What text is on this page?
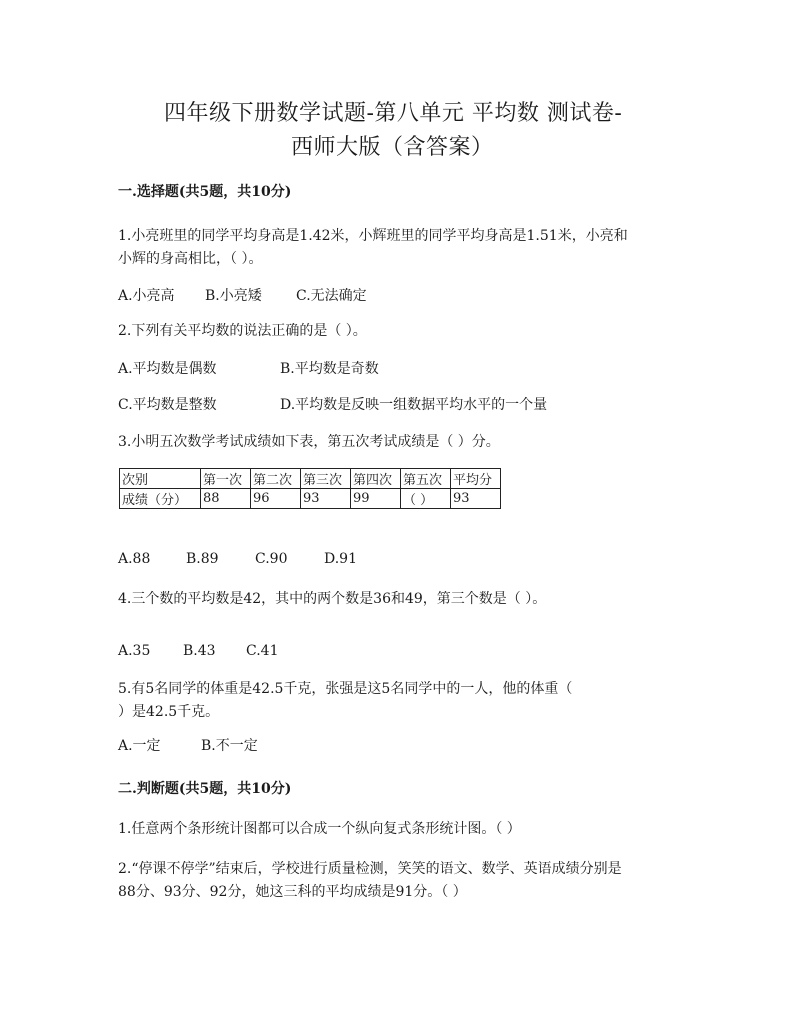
四年级下册数学试题-第八单元 平均数 测试卷-
西师大版（含答案）
一.选择题(共5题，共10分)
1.小亮班里的同学平均身高是1.42米，小辉班里的同学平均身高是1.51米，小亮和
小辉的身高相比，（ ）。
A.小亮高 B.小亮矮 C.无法确定
2.下列有关平均数的说法正确的是（ ）。
A.平均数是偶数	B.平均数是奇数
C.平均数是整数	D.平均数是反映一组数据平均水平的一个量
3.小明五次数学考试成绩如下表，第五次考试成绩是（ ）分。
次别	第一次	第二次	第三次	第四次	第五次	平均分
成绩（分）	88	96	93	99	（ ）	93
A.88	B.89	C.90	D.91
4.三个数的平均数是42，其中的两个数是36和49，第三个数是（ ）。
A.35 B.43 C.41
5.有5名同学的体重是42.5千克，张强是这5名同学中的一人，他的体重（
）是42.5千克。
A.一定	B.不一定
二.判断题(共5题，共10分)
1.任意两个条形统计图都可以合成一个纵向复式条形统计图。（ ）
2.“停课不停学”结束后，学校进行质量检测，笑笑的语文、数学、英语成绩分别是
88分、93分、92分，她这三科的平均成绩是91分。（ ）
